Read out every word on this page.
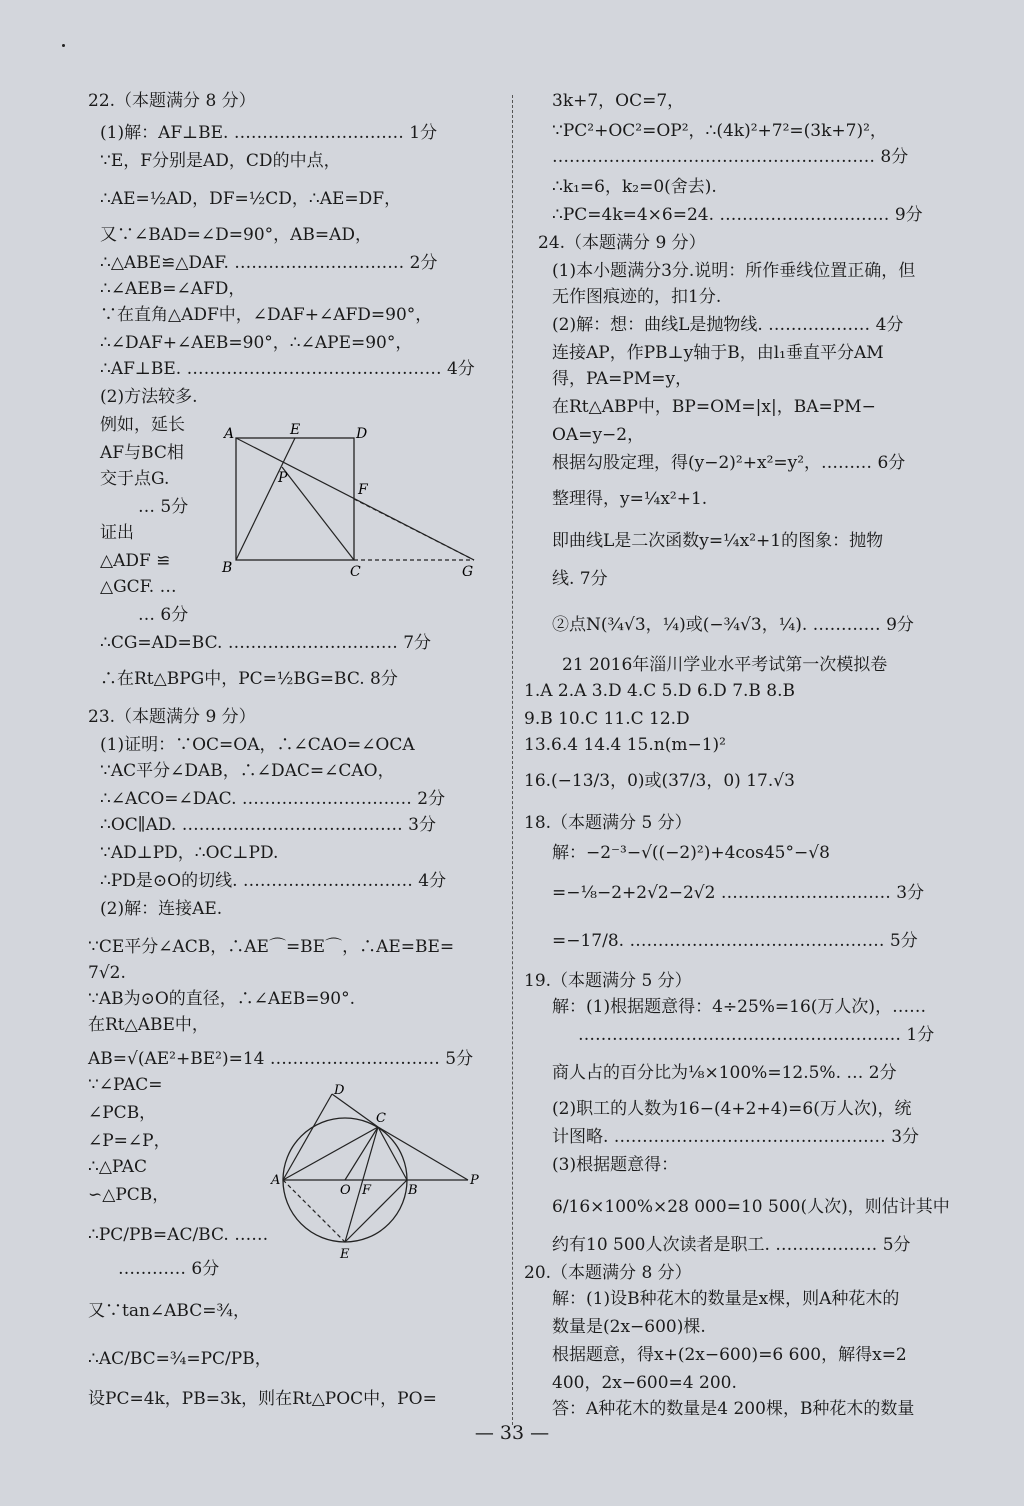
22.（本题满分 8 分）
(1)解：AF⊥BE. ………………………… 1分
∵E，F分别是AD，CD的中点，
∴AE=½AD，DF=½CD，∴AE=DF，
又∵∠BAD=∠D=90°，AB=AD，
∴△ABE≌△DAF. ………………………… 2分
∴∠AEB=∠AFD，
∵在直角△ADF中，∠DAF+∠AFD=90°，
∴∠DAF+∠AEB=90°，∴∠APE=90°，
∴AF⊥BE. ……………………………………… 4分
(2)方法较多.
例如，延长
AF与BC相
交于点G.
… 5分
证出
△ADF ≌
△GCF. …
… 6分
∴CG=AD=BC. ………………………… 7分
∴在Rt△BPG中，PC=½BG=BC. 8分
23.（本题满分 9 分）
(1)证明：∵OC=OA，∴∠CAO=∠OCA
∵AC平分∠DAB，∴∠DAC=∠CAO，
∴∠ACO=∠DAC. ………………………… 2分
∴OC∥AD. ………………………………… 3分
∵AD⊥PD，∴OC⊥PD.
∴PD是⊙O的切线. ………………………… 4分
(2)解：连接AE.
∵CE平分∠ACB，∴AE⌒=BE⌒，∴AE=BE=
7√2.
∵AB为⊙O的直径，∴∠AEB=90°.
在Rt△ABE中，
AB=√(AE²+BE²)=14 ………………………… 5分
∵∠PAC=
∠PCB，
∠P=∠P，
∴△PAC
∽△PCB，
∴PC/PB=AC/BC. ……
………… 6分
又∵tan∠ABC=¾，
∴AC/BC=¾=PC/PB，
设PC=4k，PB=3k，则在Rt△POC中，PO=
3k+7，OC=7，
∵PC²+OC²=OP²，∴(4k)²+7²=(3k+7)²，
………………………………………………… 8分
∴k₁=6，k₂=0(舍去).
∴PC=4k=4×6=24. ………………………… 9分
24.（本题满分 9 分）
(1)本小题满分3分.说明：所作垂线位置正确，但
无作图痕迹的，扣1分.
(2)解：想：曲线L是抛物线. ……………… 4分
连接AP，作PB⊥y轴于B，由l₁垂直平分AM
得，PA=PM=y，
在Rt△ABP中，BP=OM=|x|，BA=PM−
OA=y−2，
根据勾股定理，得(y−2)²+x²=y²，……… 6分
整理得，y=¼x²+1.
即曲线L是二次函数y=¼x²+1的图象：抛物
线. 7分
②点N(¾√3，¼)或(−¾√3，¼). ………… 9分
21 2016年淄川学业水平考试第一次模拟卷
1.A 2.A 3.D 4.C 5.D 6.D 7.B 8.B
9.B 10.C 11.C 12.D
13.6.4 14.4 15.n(m−1)²
16.(−13/3，0)或(37/3，0) 17.√3
18.（本题满分 5 分）
解：−2⁻³−√((−2)²)+4cos45°−√8
=−⅛−2+2√2−2√2 ………………………… 3分
=−17/8. ……………………………………… 5分
19.（本题满分 5 分）
解：(1)根据题意得：4÷25%=16(万人次)，……
………………………………………………… 1分
商人占的百分比为⅛×100%=12.5%. … 2分
(2)职工的人数为16−(4+2+4)=6(万人次)，统
计图略. ………………………………………… 3分
(3)根据题意得：
6/16×100%×28 000=10 500(人次)，则估计其中
约有10 500人次读者是职工. ……………… 5分
20.（本题满分 8 分）
解：(1)设B种花木的数量是x棵，则A种花木的
数量是(2x−600)棵.
根据题意，得x+(2x−600)=6 600，解得x=2
400，2x−600=4 200.
答：A种花木的数量是4 200棵，B种花木的数量
A	E	D
P
F
B	C	G
D
C
A
O F	B
P
E
— 33 —
